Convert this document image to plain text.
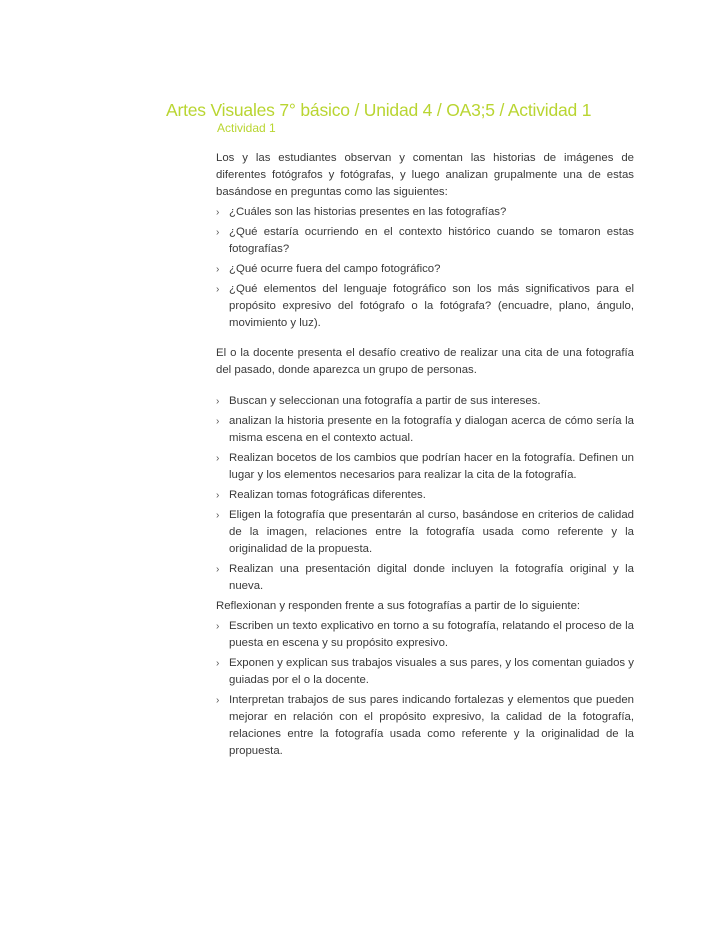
Artes Visuales 7° básico / Unidad 4 / OA3;5 / Actividad 1
Actividad 1

Los y las estudiantes observan y comentan las historias de imágenes de diferentes fotógrafos y fotógrafas, y luego analizan grupalmente una de estas basándose en preguntas como las siguientes:

› ¿Cuáles son las historias presentes en las fotografías?
› ¿Qué estaría ocurriendo en el contexto histórico cuando se tomaron estas fotografías?
› ¿Qué ocurre fuera del campo fotográfico?
› ¿Qué elementos del lenguaje fotográfico son los más significativos para el propósito expresivo del fotógrafo o la fotógrafa? (encuadre, plano, ángulo, movimiento y luz).

El o la docente presenta el desafío creativo de realizar una cita de una fotografía del pasado, donde aparezca un grupo de personas.

› Buscan y seleccionan una fotografía a partir de sus intereses.
› analizan la historia presente en la fotografía y dialogan acerca de cómo sería la misma escena en el contexto actual.
› Realizan bocetos de los cambios que podrían hacer en la fotografía. Definen un lugar y los elementos necesarios para realizar la cita de la fotografía.
› Realizan tomas fotográficas diferentes.
› Eligen la fotografía que presentarán al curso, basándose en criterios de calidad de la imagen, relaciones entre la fotografía usada como referente y la originalidad de la propuesta.
› Realizan una presentación digital donde incluyen la fotografía original y la nueva.

Reflexionan y responden frente a sus fotografías a partir de lo siguiente:

› Escriben un texto explicativo en torno a su fotografía, relatando el proceso de la puesta en escena y su propósito expresivo.
› Exponen y explican sus trabajos visuales a sus pares, y los comentan guiados y guiadas por el o la docente.
› Interpretan trabajos de sus pares indicando fortalezas y elementos que pueden mejorar en relación con el propósito expresivo, la calidad de la fotografía, relaciones entre la fotografía usada como referente y la originalidad de la propuesta.
